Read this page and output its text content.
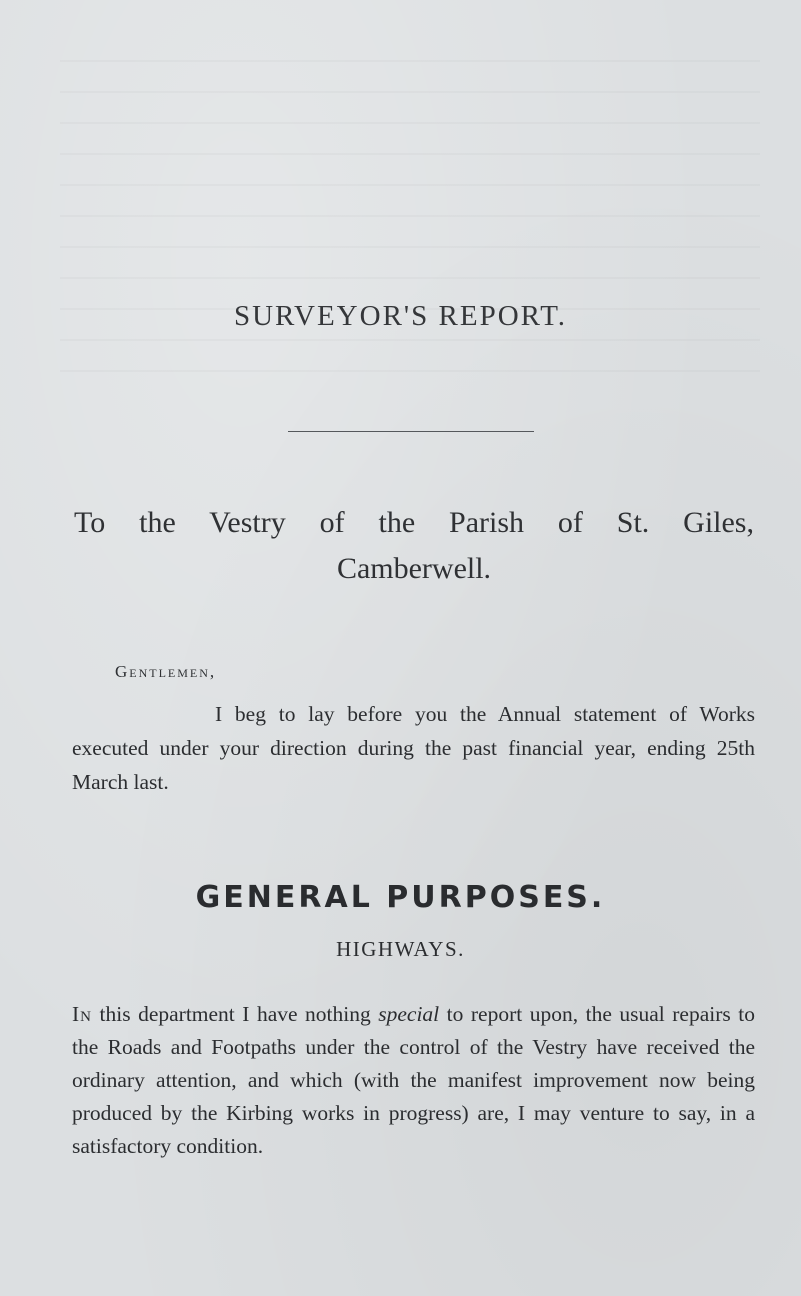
SURVEYOR'S REPORT.
To the Vestry of the Parish of St. Giles,
Camberwell.
Gentlemen,
I beg to lay before you the Annual statement of Works executed under your direction during the past financial year, ending 25th March last.
GENERAL PURPOSES.
HIGHWAYS.
In this department I have nothing special to report upon, the usual repairs to the Roads and Footpaths under the control of the Vestry have received the ordinary attention, and which (with the manifest improvement now being produced by the Kirbing works in progress) are, I may venture to say, in a satisfactory condition.
